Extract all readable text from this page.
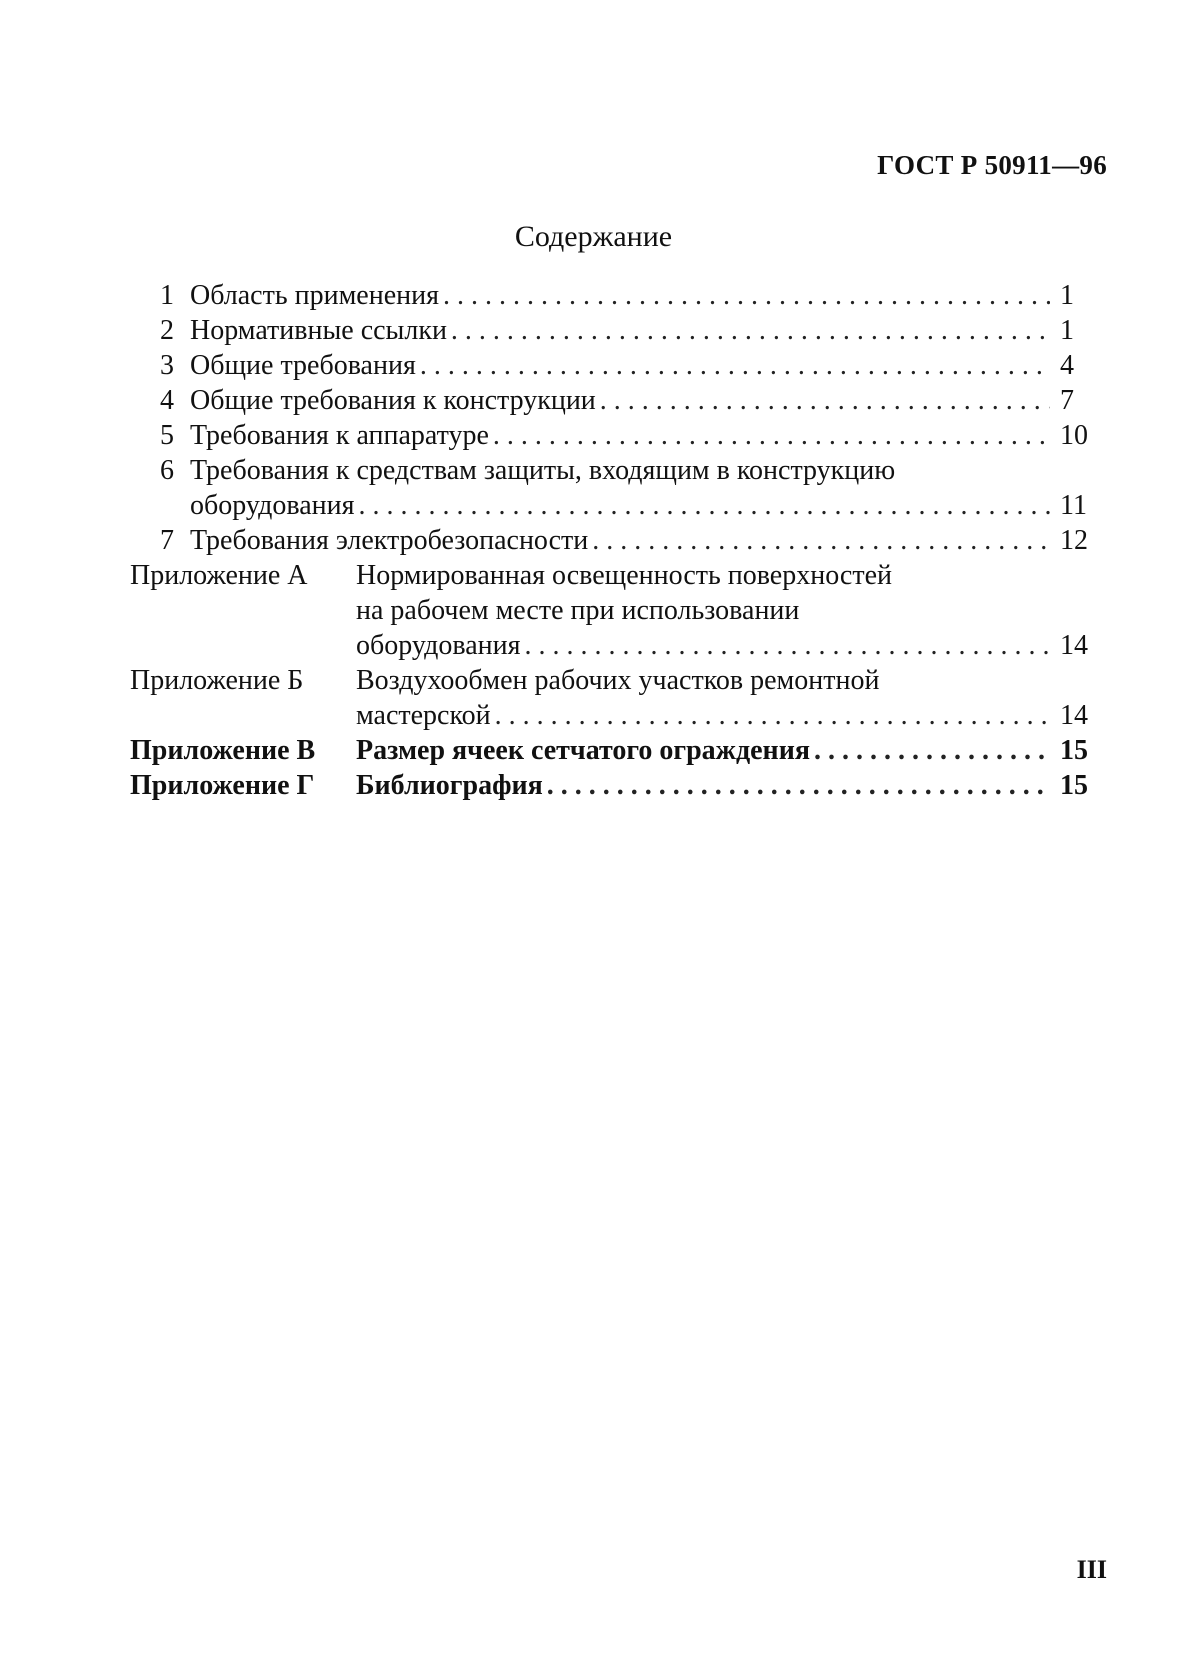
ГОСТ Р 50911—96
Содержание
1 Область применения . . .	1
2 Нормативные ссылки . . .	1
3 Общие требования . . .	4
4 Общие требования к конструкции . . .	7
5 Требования к аппаратуре . . .	10
6 Требования к средствам защиты, входящим в конструкцию
оборудования . . .	11
7 Требования электробезопасности . . .	12
Приложение А	Нормированная освещенность поверхностей
на рабочем месте при использовании
оборудования . . .	14
Приложение Б	Воздухообмен рабочих участков ремонтной
мастерской . . .	14
Приложение В	Размер ячеек сетчатого ограждения . . .	15
Приложение Г	Библиография . . .	15
III
